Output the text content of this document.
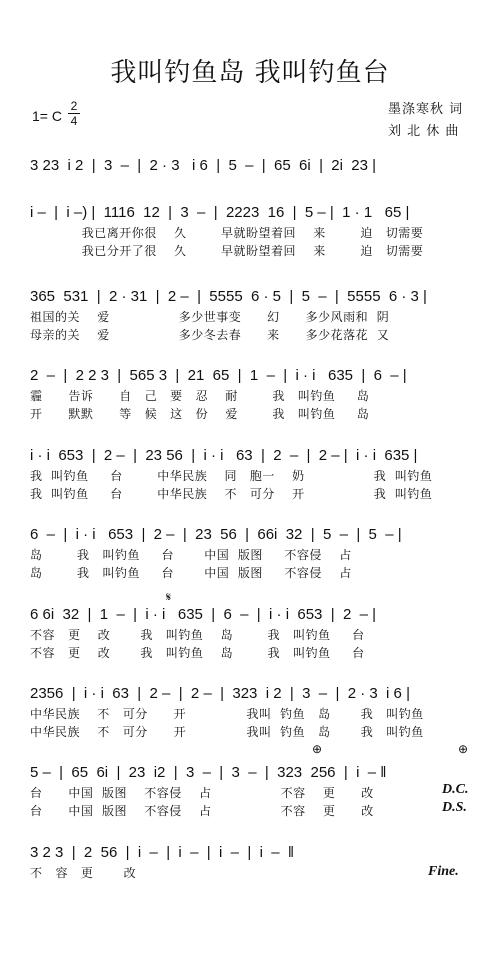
我叫钓鱼岛 我叫钓鱼台
1= C
2
4
墨涤寒秋 词
刘 北 休 曲
3 23  i 2  |  3  –  |  2 · 3   i 6  |  5  –  |  65  6i  |  2i  23 |
i –  |  i –) |  1116  12  |  3  –  |  2223  16  |  5 – |  1 · 1   65 |
我已离开你很    久        早就盼望着回    来        迫   切需要
我已分开了很    久        早就盼望着回    来        迫   切需要
365  531  |  2 · 31  |  2 –  |  5555  6 · 5  |  5  –  |  5555  6 · 3 |
祖国的关    爱                多少世事变      幻      多少风雨和  阴
母亲的关    爱                多少冬去春      来      多少花落花  又
2  –  |  2 2 3  |  565 3  |  21  65  |  1  –  |  i · i   635  |  6  – |
霾      告诉      自   己   要   忍    耐        我   叫钓鱼     岛
开      默默      等   候   这   份    爱        我   叫钓鱼     岛
i · i  653  |  2 –  |  23 56  |  i · i   63  |  2  –  |  2 – |  i · i  635 |
我  叫钓鱼     台        中华民族    同   胞一    奶                我  叫钓鱼
我  叫钓鱼     台        中华民族    不   可分    开                我  叫钓鱼
6  –  |  i · i   653  |  2 –  |  23  56  |  66i  32  |  5  –  |  5  – |
岛        我   叫钓鱼     台       中国  版图     不容侵    占
岛        我   叫钓鱼     台       中国  版图     不容侵    占
𝄋
6 6i  32  |  1  –  |  i · i   635  |  6  –  |  i · i  653  |  2  – |
不容   更    改       我   叫钓鱼    岛        我   叫钓鱼     台
不容   更    改       我   叫钓鱼    岛        我   叫钓鱼     台
2356  |  i · i  63  |  2 –  |  2 –  |  323  i 2  |  3  –  |  2 · 3  i 6 |
中华民族    不   可分      开              我叫  钓鱼   岛       我   叫钓鱼
中华民族    不   可分      开              我叫  钓鱼   岛       我   叫钓鱼
⊕	⊕
5 –  |  65  6i  |  23  i2  |  3  –  |  3  –  |  323  256  |  i  – ‖
台      中国  版图    不容侵    占                不容    更      改
台      中国  版图    不容侵    占                不容    更      改
D.C.
D.S.
3 2 3  |  2  56  |  i  –  |  i  –  |  i  –  |  i  –  ‖
不   容   更       改	Fine.
